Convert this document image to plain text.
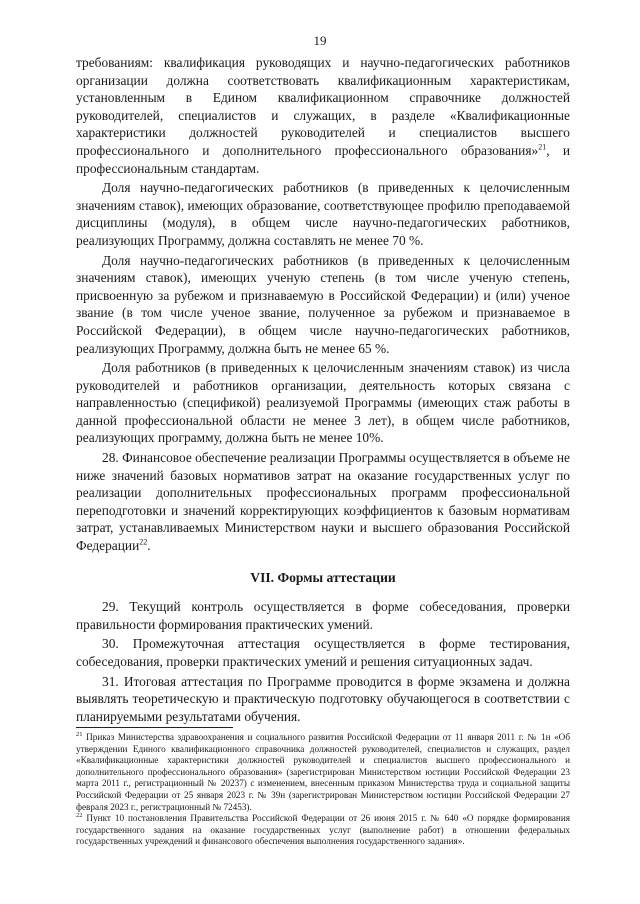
19

требованиям: квалификация руководящих и научно-педагогических работников организации должна соответствовать квалификационным характеристикам, установленным в Едином квалификационном справочнике должностей руководителей, специалистов и служащих, в разделе «Квалификационные характеристики должностей руководителей и специалистов высшего профессионального и дополнительного профессионального образования»$^{21}$, и профессиональным стандартам.

Доля научно-педагогических работников (в приведенных к целочисленным значениям ставок), имеющих образование, соответствующее профилю преподаваемой дисциплины (модуля), в общем числе научно-педагогических работников, реализующих Программу, должна составлять не менее 70 %.

Доля научно-педагогических работников (в приведенных к целочисленным значениям ставок), имеющих ученую степень (в том числе ученую степень, присвоенную за рубежом и признаваемую в Российской Федерации) и (или) ученое звание (в том числе ученое звание, полученное за рубежом и признаваемое в Российской Федерации), в общем числе научно-педагогических работников, реализующих Программу, должна быть не менее 65 %.

Доля работников (в приведенных к целочисленным значениям ставок) из числа руководителей и работников организации, деятельность которых связана с направленностью (спецификой) реализуемой Программы (имеющих стаж работы в данной профессиональной области не менее 3 лет), в общем числе работников, реализующих программу, должна быть не менее 10%.

28. Финансовое обеспечение реализации Программы осуществляется в объеме не ниже значений базовых нормативов затрат на оказание государственных услуг по реализации дополнительных профессиональных программ профессиональной переподготовки и значений корректирующих коэффициентов к базовым нормативам затрат, устанавливаемых Министерством науки и высшего образования Российской Федерации$^{22}$.

VII. Формы аттестации

29. Текущий контроль осуществляется в форме собеседования, проверки правильности формирования практических умений.

30. Промежуточная аттестация осуществляется в форме тестирования, собеседования, проверки практических умений и решения ситуационных задач.

31. Итоговая аттестация по Программе проводится в форме экзамена и должна выявлять теоретическую и практическую подготовку обучающегося в соответствии с планируемыми результатами обучения.

$^{21}$ Приказ Министерства здравоохранения и социального развития Российской Федерации от 11 января 2011 г. № 1н «Об утверждении Единого квалификационного справочника должностей руководителей, специалистов и служащих, раздел «Квалификационные характеристики должностей руководителей и специалистов высшего профессионального и дополнительного профессионального образования» (зарегистрирован Министерством юстиции Российской Федерации 23 марта 2011 г., регистрационный № 20237) с изменением, внесенным приказом Министерства труда и социальной защиты Российской Федерации от 25 января 2023 г. № 39н (зарегистрирован Министерством юстиции Российской Федерации 27 февраля 2023 г., регистрационный № 72453).

$^{22}$ Пункт 10 постановления Правительства Российской Федерации от 26 июня 2015 г. № 640 «О порядке формирования государственного задания на оказание государственных услуг (выполнение работ) в отношении федеральных государственных учреждений и финансового обеспечения выполнения государственного задания».
